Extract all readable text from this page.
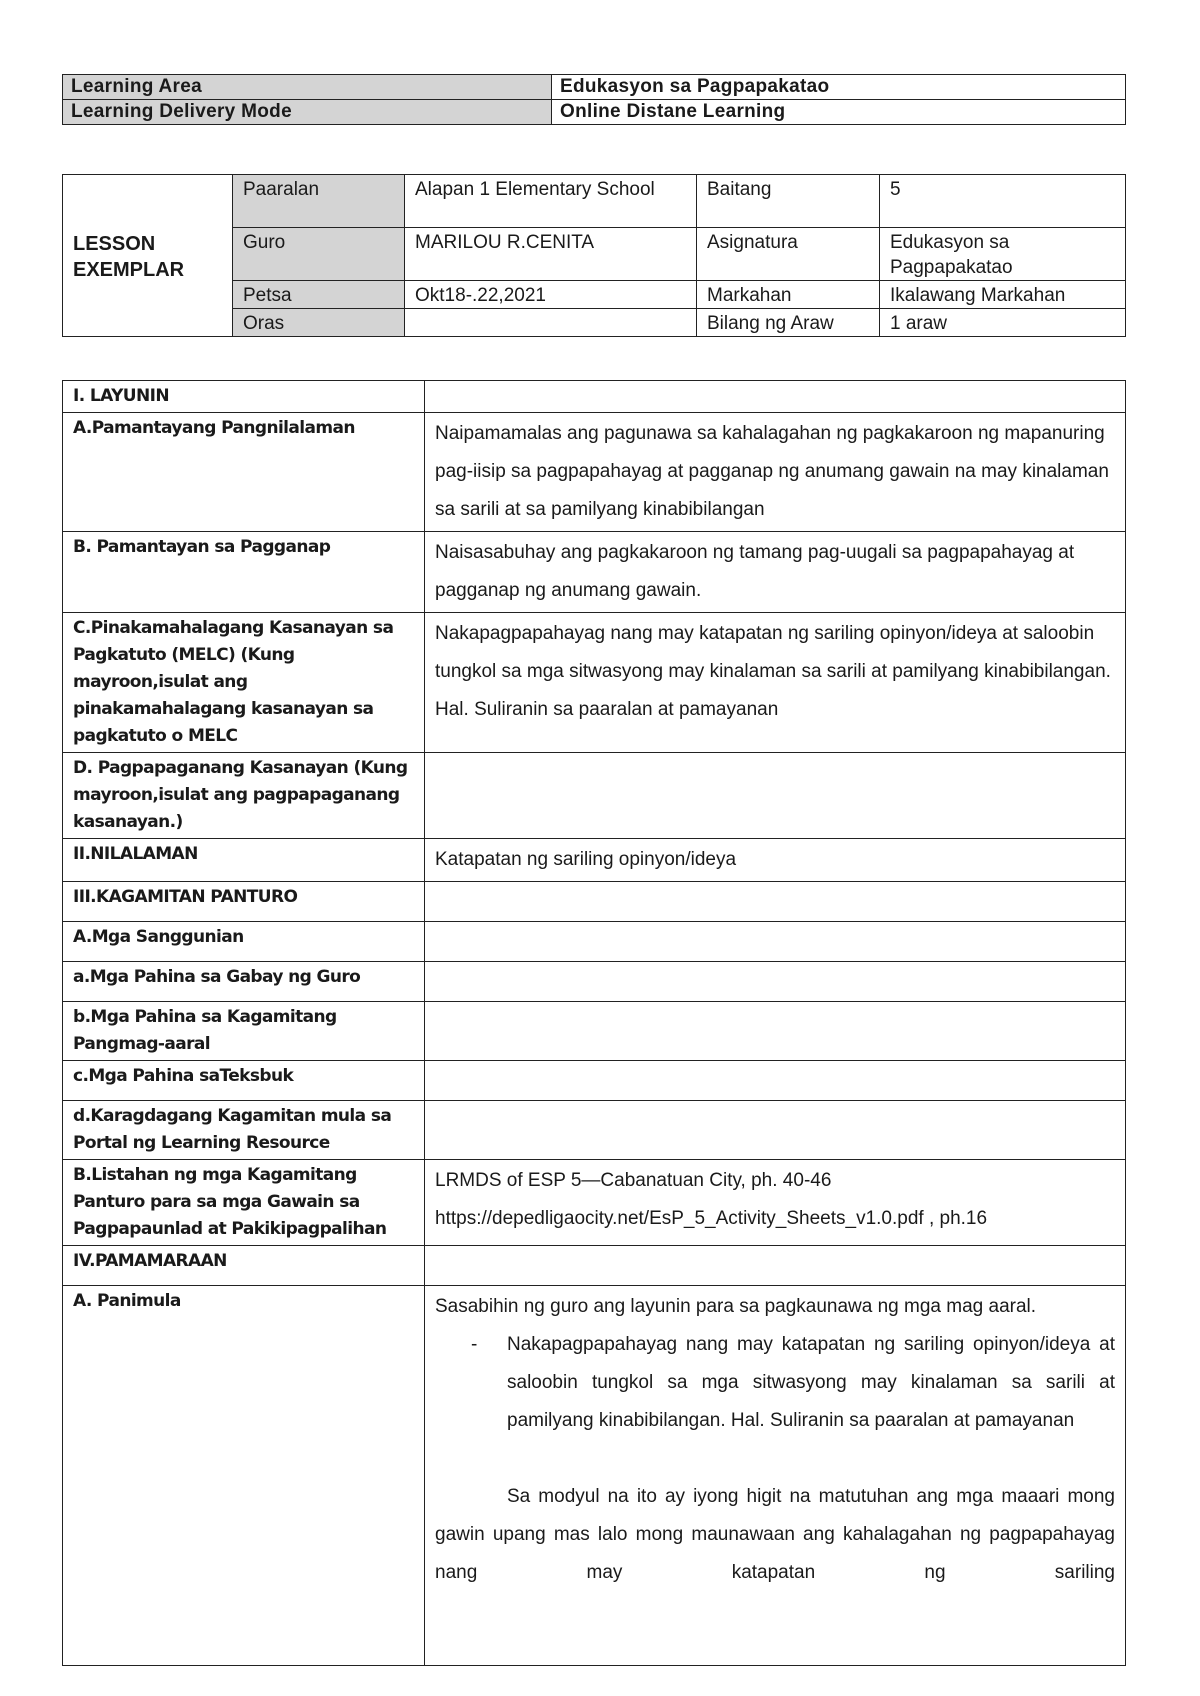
Learning Area	Edukasyon sa Pagpapakatao
Learning Delivery Mode	Online Distane Learning
LESSON
EXEMPLAR	Paaralan	Alapan 1 Elementary School	Baitang	5
	Guro	MARILOU R.CENITA	Asignatura	Edukasyon sa Pagpapakatao
	Petsa	Okt18-.22,2021	Markahan	Ikalawang Markahan
	Oras		Bilang ng Araw	1 araw
I. LAYUNIN	
A.Pamantayang Pangnilalaman	Naipamamalas ang pagunawa sa kahalagahan ng pagkakaroon ng mapanuring pag-iisip sa pagpapahayag at pagganap ng anumang gawain na may kinalaman sa sarili at sa pamilyang kinabibilangan
B. Pamantayan sa Pagganap	Naisasabuhay ang pagkakaroon ng tamang pag-uugali sa pagpapahayag at pagganap ng anumang gawain.
C.Pinakamahalagang Kasanayan sa Pagkatuto (MELC) (Kung mayroon,isulat ang pinakamahalagang kasanayan sa pagkatuto o MELC	Nakapagpapahayag nang may katapatan ng sariling opinyon/ideya at saloobin tungkol sa mga sitwasyong may kinalaman sa sarili at pamilyang kinabibilangan. Hal. Suliranin sa paaralan at pamayanan
D. Pagpapaganang Kasanayan (Kung mayroon,isulat ang pagpapaganang kasanayan.)	
II.NILALAMAN	Katapatan ng sariling opinyon/ideya
III.KAGAMITAN PANTURO	
A.Mga Sanggunian	
a.Mga Pahina sa Gabay ng Guro	
b.Mga Pahina sa Kagamitang Pangmag-aaral	
c.Mga Pahina saTeksbuk	
d.Karagdagang Kagamitan mula sa Portal ng Learning Resource	
B.Listahan ng mga Kagamitang Panturo para sa mga Gawain sa Pagpapaunlad at Pakikipagpalihan	LRMDS of ESP 5—Cabanatuan City, ph. 40-46
https://depedligaocity.net/EsP_5_Activity_Sheets_v1.0.pdf , ph.16

IV.PAMAMARAAN	
A. Panimula	Sasabihin ng guro ang layunin para sa pagkaunawa ng mga mag aaral.
- Nakapagpapahayag nang may katapatan ng sariling opinyon/ideya at saloobin tungkol sa mga sitwasyong may kinalaman sa sarili at pamilyang kinabibilangan. Hal. Suliranin sa paaralan at pamayanan
Sa modyul na ito ay iyong higit na matutuhan ang mga maaari mong gawin upang mas lalo mong maunawaan ang kahalagahan ng pagpapahayag nang may katapatan ng sariling
